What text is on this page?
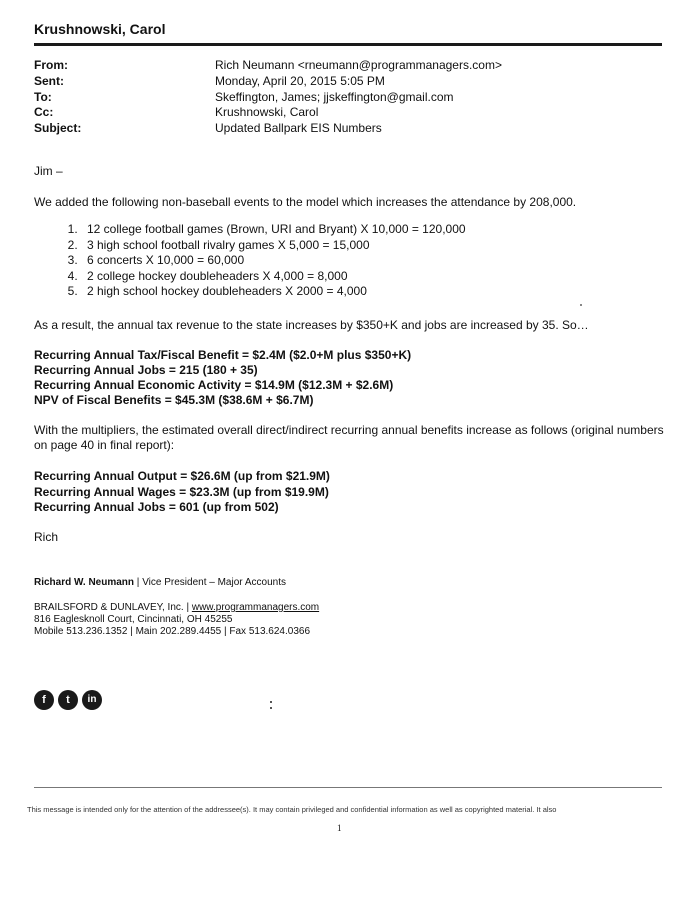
Krushnowski, Carol
From:	Rich Neumann <rneumann@programmanagers.com>
Sent:	Monday, April 20, 2015 5:05 PM
To:	Skeffington, James; jjskeffington@gmail.com
Cc:	Krushnowski, Carol
Subject:	Updated Ballpark EIS Numbers
Jim –
We added the following non-baseball events to the model which increases the attendance by 208,000.
1. 12 college football games (Brown, URI and Bryant) X 10,000 = 120,000
2. 3 high school football rivalry games X 5,000 = 15,000
3. 6 concerts X 10,000 = 60,000
4. 2 college hockey doubleheaders X 4,000 = 8,000
5. 2 high school hockey doubleheaders X 2000 = 4,000
As a result, the annual tax revenue to the state increases by $350+K and jobs are increased by 35. So…
Recurring Annual Tax/Fiscal Benefit = $2.4M ($2.0+M plus $350+K)
Recurring Annual Jobs = 215 (180 + 35)
Recurring Annual Economic Activity = $14.9M ($12.3M + $2.6M)
NPV of Fiscal Benefits = $45.3M ($38.6M + $6.7M)
With the multipliers, the estimated overall direct/indirect recurring annual benefits increase as follows (original numbers
on page 40 in final report):
Recurring Annual Output = $26.6M (up from $21.9M)
Recurring Annual Wages = $23.3M (up from $19.9M)
Recurring Annual Jobs = 601 (up from 502)
Rich
Richard W. Neumann | Vice President – Major Accounts
BRAILSFORD & DUNLAVEY, Inc. | www.programmanagers.com
816 Eaglesknoll Court, Cincinnati, OH 45255
Mobile 513.236.1352 | Main 202.289.4455 | Fax 513.624.0366
f	t	in
This message is intended only for the attention of the addressee(s). It may contain privileged and confidential information as well as copyrighted material. It also
1
